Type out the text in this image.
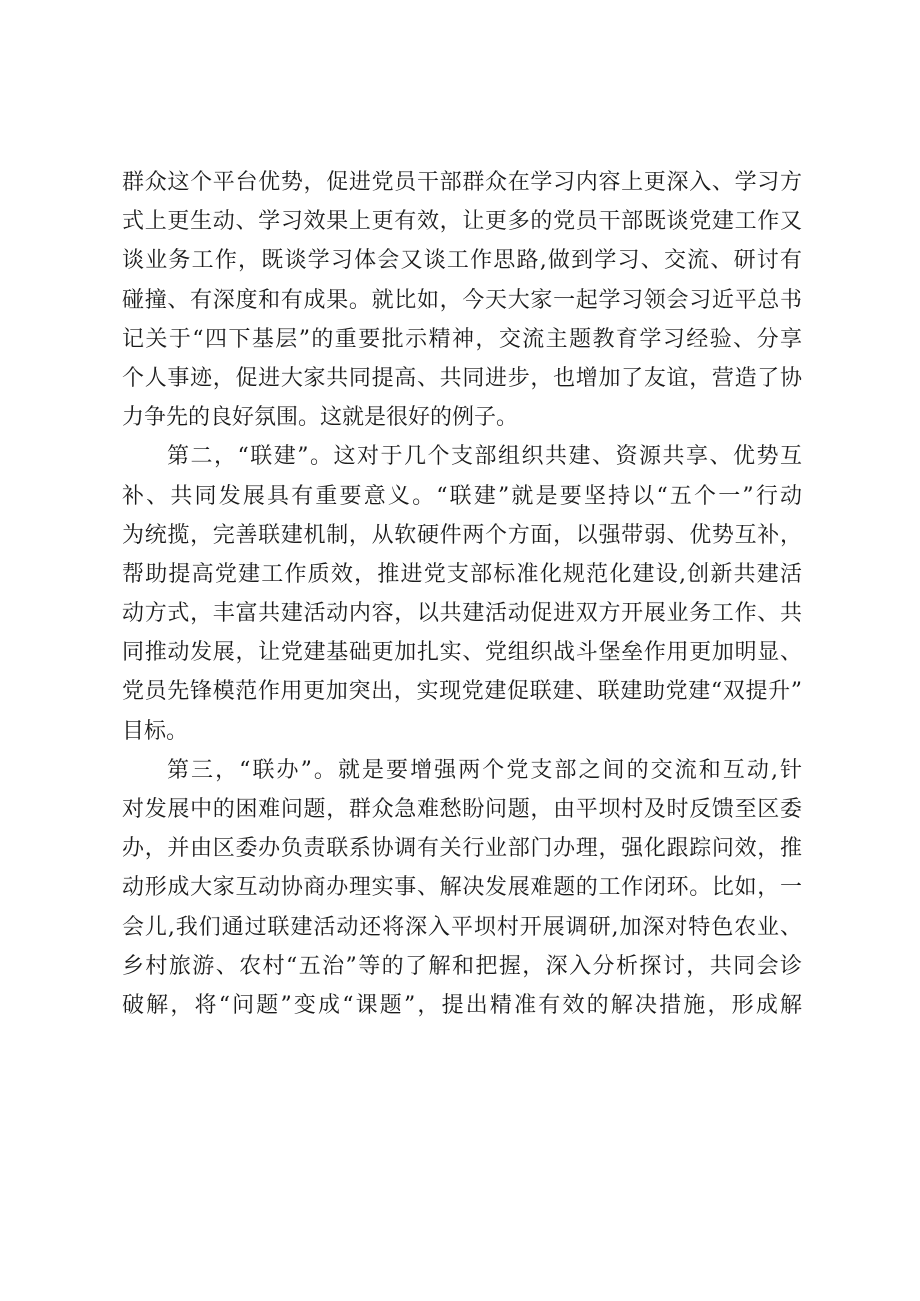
群众这个平台优势，促进党员干部群众在学习内容上更深入、学习方
式上更生动、学习效果上更有效，让更多的党员干部既谈党建工作又
谈业务工作，既谈学习体会又谈工作思路,做到学习、交流、研讨有
碰撞、有深度和有成果。就比如，今天大家一起学习领会习近平总书
记关于“四下基层”的重要批示精神，交流主题教育学习经验、分享
个人事迹，促进大家共同提高、共同进步，也增加了友谊，营造了协
力争先的良好氛围。这就是很好的例子。
第二，“联建”。这对于几个支部组织共建、资源共享、优势互
补、共同发展具有重要意义。“联建”就是要坚持以“五个一”行动
为统揽，完善联建机制，从软硬件两个方面，以强带弱、优势互补，
帮助提高党建工作质效，推进党支部标准化规范化建设,创新共建活
动方式，丰富共建活动内容，以共建活动促进双方开展业务工作、共
同推动发展，让党建基础更加扎实、党组织战斗堡垒作用更加明显、
党员先锋模范作用更加突出，实现党建促联建、联建助党建“双提升”
目标。
第三，“联办”。就是要增强两个党支部之间的交流和互动,针
对发展中的困难问题，群众急难愁盼问题，由平坝村及时反馈至区委
办，并由区委办负责联系协调有关行业部门办理，强化跟踪问效，推
动形成大家互动协商办理实事、解决发展难题的工作闭环。比如，一
会儿,我们通过联建活动还将深入平坝村开展调研,加深对特色农业、
乡村旅游、农村“五治”等的了解和把握，深入分析探讨，共同会诊
破解，将“问题”变成“课题”，提出精准有效的解决措施，形成解
